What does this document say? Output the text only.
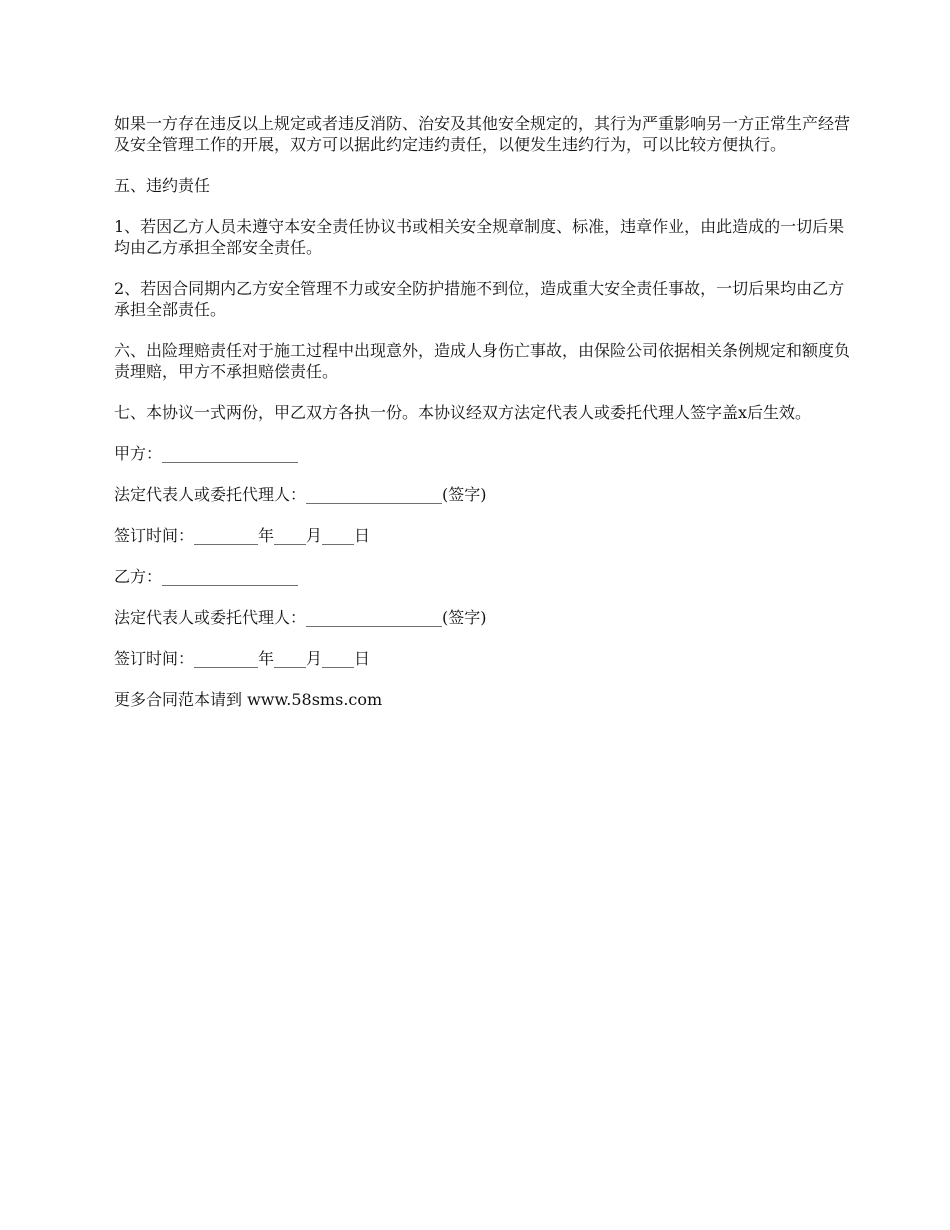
如果一方存在违反以上规定或者违反消防、治安及其他安全规定的，其行为严重影响另一方正常生产经营及安全管理工作的开展，双方可以据此约定违约责任，以便发生违约行为，可以比较方便执行。

五、违约责任

1、若因乙方人员未遵守本安全责任协议书或相关安全规章制度、标准，违章作业，由此造成的一切后果均由乙方承担全部安全责任。

2、若因合同期内乙方安全管理不力或安全防护措施不到位，造成重大安全责任事故，一切后果均由乙方承担全部责任。

六、出险理赔责任对于施工过程中出现意外，造成人身伤亡事故，由保险公司依据相关条例规定和额度负责理赔，甲方不承担赔偿责任。

七、本协议一式两份，甲乙双方各执一份。本协议经双方法定代表人或委托代理人签字盖x后生效。

甲方：_________________

法定代表人或委托代理人：_________________(签字)

签订时间：________年____月____日

乙方：_________________

法定代表人或委托代理人：_________________(签字)

签订时间：________年____月____日

更多合同范本请到 www.58sms.com
